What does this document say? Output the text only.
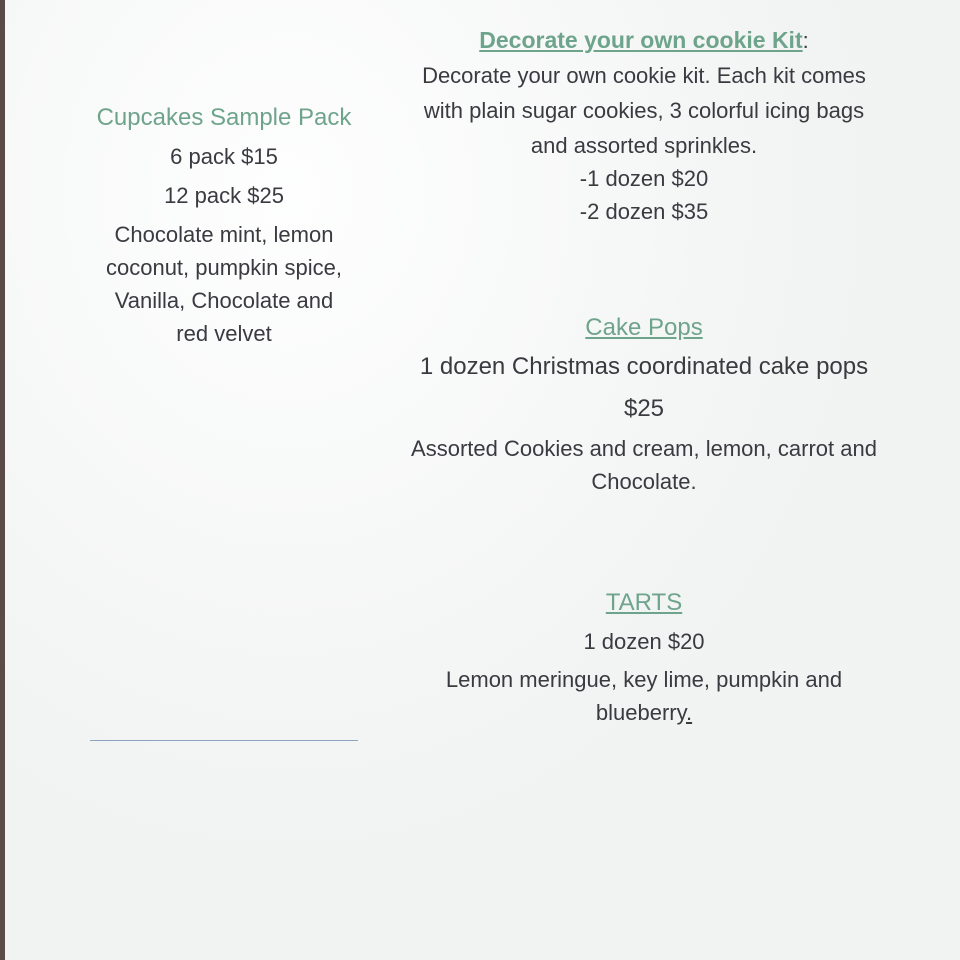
Cupcakes Sample Pack
6 pack $15
12 pack $25
Chocolate mint, lemon
coconut, pumpkin spice,
Vanilla, Chocolate and
red velvet
Decorate your own cookie Kit:
Decorate your own cookie kit. Each kit comes
with plain sugar cookies, 3 colorful icing bags
and assorted sprinkles.
-1 dozen $20
-2 dozen $35
Cake Pops
1 dozen Christmas coordinated cake pops
$25
Assorted Cookies and cream, lemon, carrot and
Chocolate.
TARTS
1 dozen $20
Lemon meringue, key lime, pumpkin and
blueberry.
